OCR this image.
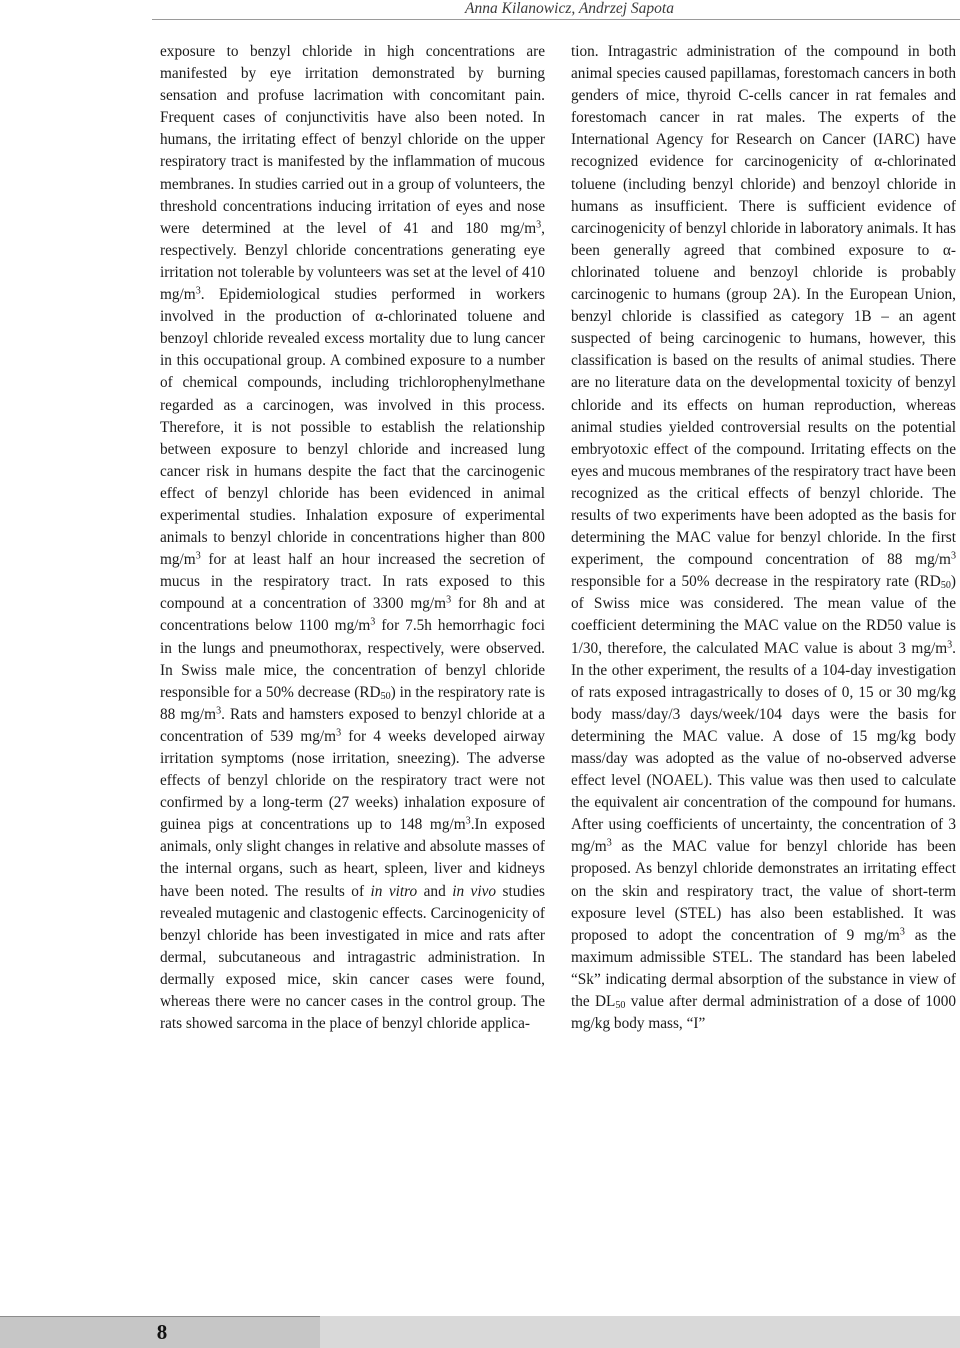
Anna Kilanowicz, Andrzej Sapota

exposure to benzyl chloride in high concentrations are manifested by eye irritation demonstrated by burning sensation and profuse lacrimation with concomitant pain. Frequent cases of conjunctivitis have also been noted. In humans, the irritating effect of benzyl chloride on the upper respiratory tract is manifested by the inflammation of mucous membranes. In studies carried out in a group of volunteers, the threshold concentrations inducing irritation of eyes and nose were determined at the level of 41 and 180 $mg/m^3$, respectively. Benzyl chloride concentrations generating eye irritation not tolerable by volunteers was set at the level of 410 $mg/m^3$. Epidemiological studies performed in workers involved in the production of α-chlorinated toluene and benzoyl chloride revealed excess mortality due to lung cancer in this occupational group. A combined exposure to a number of chemical compounds, including trichlorophenylmethane regarded as a carcinogen, was involved in this process. Therefore, it is not possible to establish the relationship between exposure to benzyl chloride and increased lung cancer risk in humans despite the fact that the carcinogenic effect of benzyl chloride has been evidenced in animal experimental studies. Inhalation exposure of experimental animals to benzyl chloride in concentrations higher than 800 $mg/m^3$ for at least half an hour increased the secretion of mucus in the respiratory tract. In rats exposed to this compound at a concentration of 3300 $mg/m^3$ for 8h and at concentrations below 1100 $mg/m^3$ for 7.5h hemorrhagic foci in the lungs and pneumothorax, respectively, were observed. In Swiss male mice, the concentration of benzyl chloride responsible for a 50% decrease $(RD_{50})$ in the respiratory rate is 88 $mg/m^3$. Rats and hamsters exposed to benzyl chloride at a concentration of 539 $mg/m^3$ for 4 weeks developed airway irritation symptoms (nose irritation, sneezing). The adverse effects of benzyl chloride on the respiratory tract were not confirmed by a long-term (27 weeks) inhalation exposure of guinea pigs at concentrations up to 148 $mg/m^3.In$ exposed animals, only slight changes in relative and absolute masses of the internal organs, such as heart, spleen, liver and kidneys have been noted. The results of in vitro and in vivo studies revealed mutagenic and clastogenic effects. Carcinogenicity of benzyl chloride has been investigated in mice and rats after dermal, subcutaneous and intragastric administration. In dermally exposed mice, skin cancer cases were found, whereas there were no cancer cases in the control group. The rats showed sarcoma in the place of benzyl chloride applica-

tion. Intragastric administration of the compound in both animal species caused papillamas, forestomach cancers in both genders of mice, thyroid C-cells cancer in rat females and forestomach cancer in rat males. The experts of the International Agency for Research on Cancer (IARC) have recognized evidence for carcinogenicity of α-chlorinated toluene (including benzyl chloride) and benzoyl chloride in humans as insufficient. There is sufficient evidence of carcinogenicity of benzyl chloride in laboratory animals. It has been generally agreed that combined exposure to α-chlorinated toluene and benzoyl chloride is probably carcinogenic to humans (group 2A). In the European Union, benzyl chloride is classified as category 1B – an agent suspected of being carcinogenic to humans, however, this classification is based on the results of animal studies. There are no literature data on the developmental toxicity of benzyl chloride and its effects on human reproduction, whereas animal studies yielded controversial results on the potential embryotoxic effect of the compound. Irritating effects on the eyes and mucous membranes of the respiratory tract have been recognized as the critical effects of benzyl chloride. The results of two experiments have been adopted as the basis for determining the MAC value for benzyl chloride. In the first experiment, the compound concentration of 88 $mg/m^3$ responsible for a 50% decrease in the respiratory rate $(RD_{50})$ of Swiss mice was considered. The mean value of the coefficient determining the MAC value on the RD50 value is 1/30, therefore, the calculated MAC value is about 3 $mg/m^3$. In the other experiment, the results of a 104-day investigation of rats exposed intragastrically to doses of 0, 15 or 30 mg/kg body mass/day/3 days/week/104 days were the basis for determining the MAC value. A dose of 15 mg/kg body mass/day was adopted as the value of no-observed adverse effect level (NOAEL). This value was then used to calculate the equivalent air concentration of the compound for humans. After using coefficients of uncertainty, the concentration of 3 $mg/m^3$ as the MAC value for benzyl chloride has been proposed. As benzyl chloride demonstrates an irritating effect on the skin and respiratory tract, the value of short-term exposure level (STEL) has also been established. It was proposed to adopt the concentration of 9 $mg/m^3$ as the maximum admissible STEL. The standard has been labeled “Sk” indicating dermal absorption of the substance in view of the $DL_{50}$ value after dermal administration of a dose of 1000 mg/kg body mass, “I”

8
